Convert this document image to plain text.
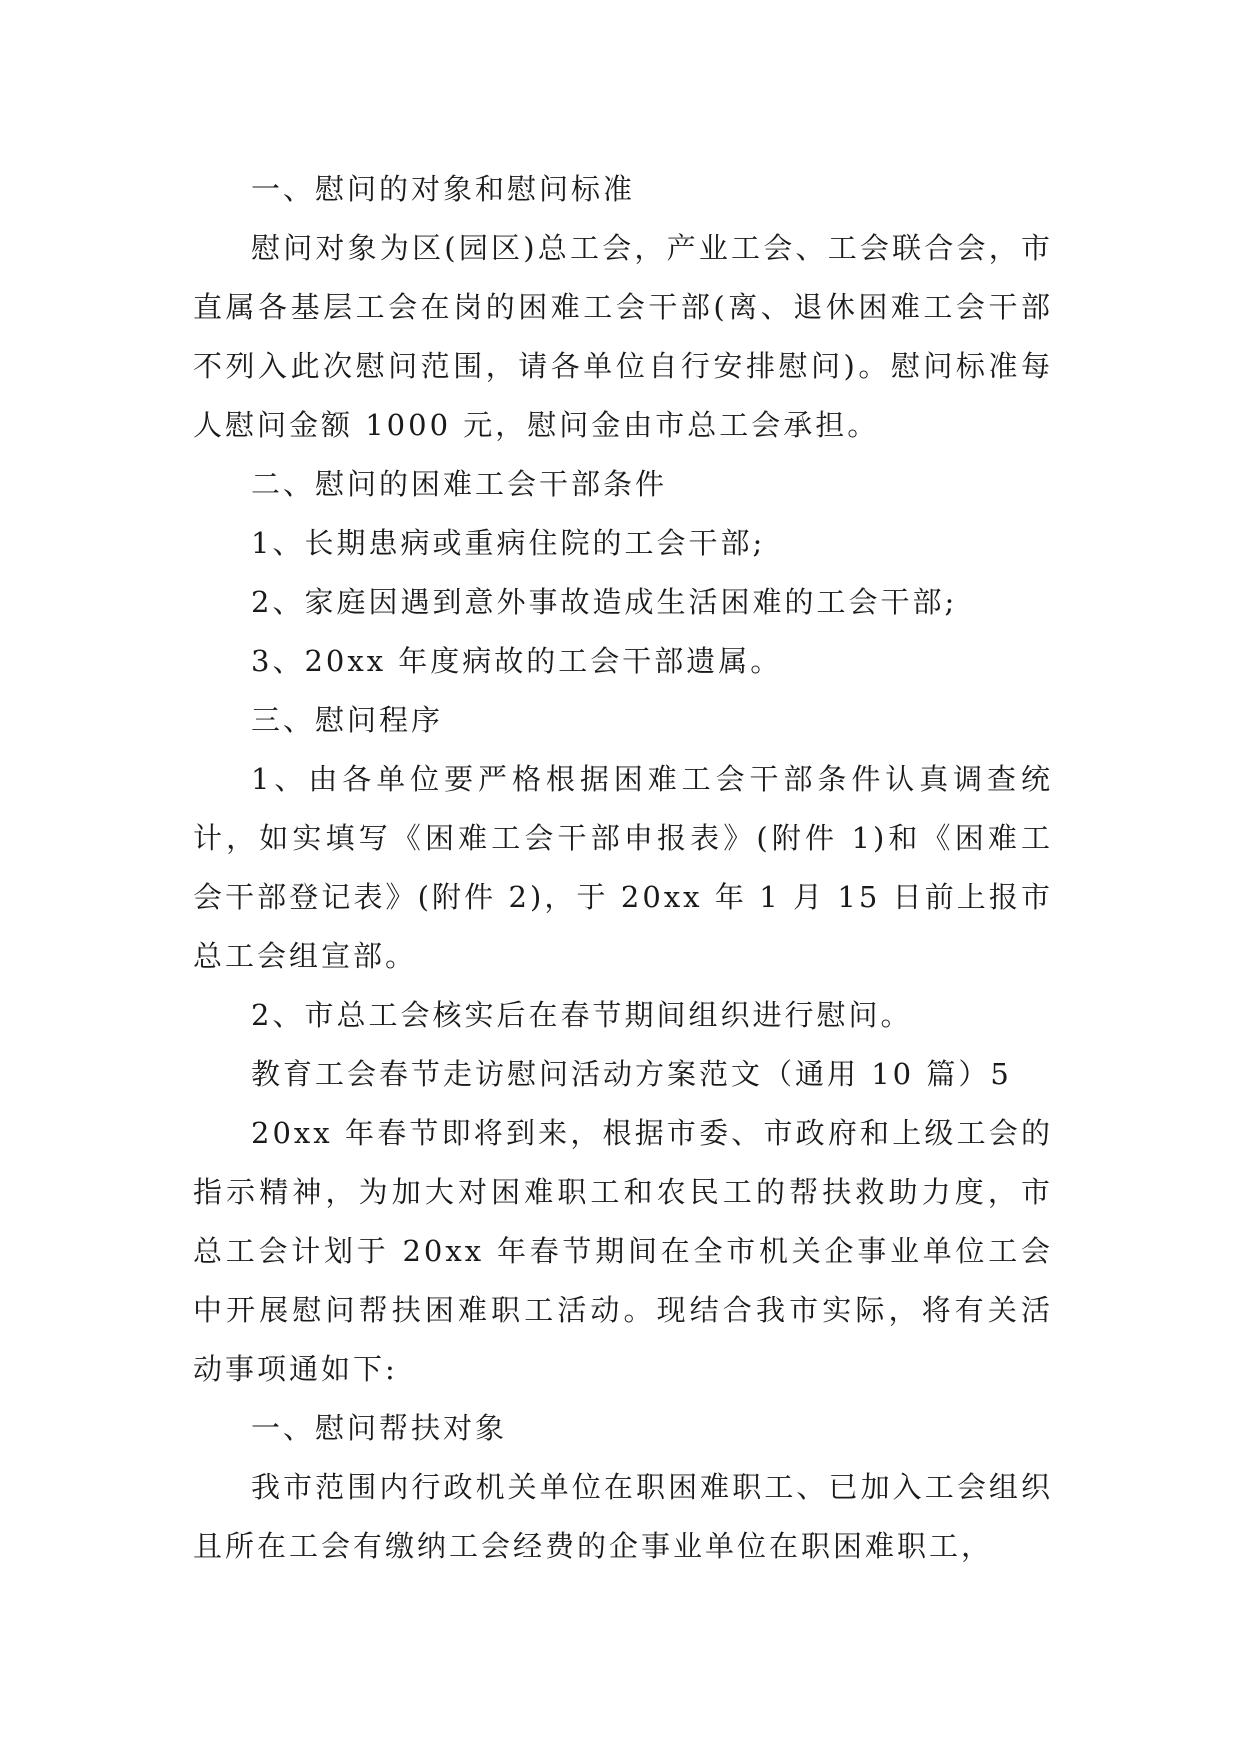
一、慰问的对象和慰问标准

慰问对象为区(园区)总工会，产业工会、工会联合会，市直属各基层工会在岗的困难工会干部(离、退休困难工会干部不列入此次慰问范围，请各单位自行安排慰问)。慰问标准每人慰问金额 1000 元，慰问金由市总工会承担。

二、慰问的困难工会干部条件

1、长期患病或重病住院的工会干部;

2、家庭因遇到意外事故造成生活困难的工会干部;

3、20xx 年度病故的工会干部遗属。

三、慰问程序

1、由各单位要严格根据困难工会干部条件认真调查统计，如实填写《困难工会干部申报表》(附件 1)和《困难工会干部登记表》(附件 2)，于 20xx 年 1 月 15 日前上报市总工会组宣部。

2、市总工会核实后在春节期间组织进行慰问。

教育工会春节走访慰问活动方案范文（通用 10 篇）5

20xx 年春节即将到来，根据市委、市政府和上级工会的指示精神，为加大对困难职工和农民工的帮扶救助力度，市总工会计划于 20xx 年春节期间在全市机关企事业单位工会中开展慰问帮扶困难职工活动。现结合我市实际，将有关活动事项通如下:

一、慰问帮扶对象

我市范围内行政机关单位在职困难职工、已加入工会组织且所在工会有缴纳工会经费的企事业单位在职困难职工，
